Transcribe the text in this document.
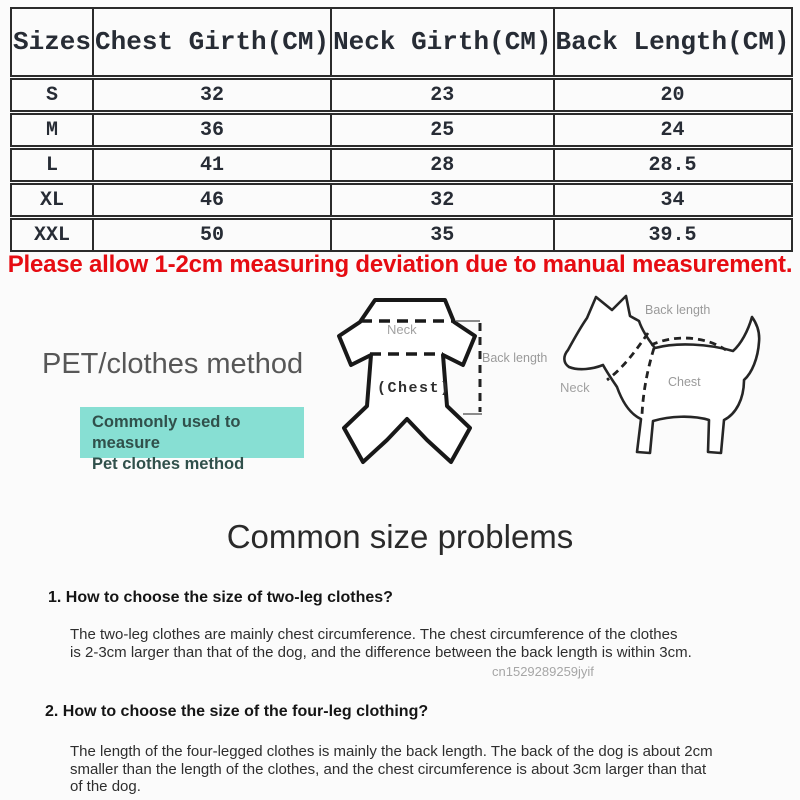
Sizes	Chest Girth(CM)	Neck Girth(CM)	Back Length(CM)
S	32	23	20
M	36	25	24
L	41	28	28.5
XL	46	32	34
XXL	50	35	39.5
Please allow 1-2cm measuring deviation due to manual measurement.
PET/clothes method
Commonly used to measure
Pet clothes method
Neck
(Chest)
Back length
Back length
Neck	Chest
Common size problems
1. How to choose the size of two-leg clothes?
The two-leg clothes are mainly chest circumference. The chest circumference of the clothes is 2-3cm larger than that of the dog, and the difference between the back length is within 3cm.
cn1529289259jyif
2. How to choose the size of the four-leg clothing?
The length of the four-legged clothes is mainly the back length. The back of the dog is about 2cm smaller than the length of the clothes, and the chest circumference is about 3cm larger than that of the dog.
